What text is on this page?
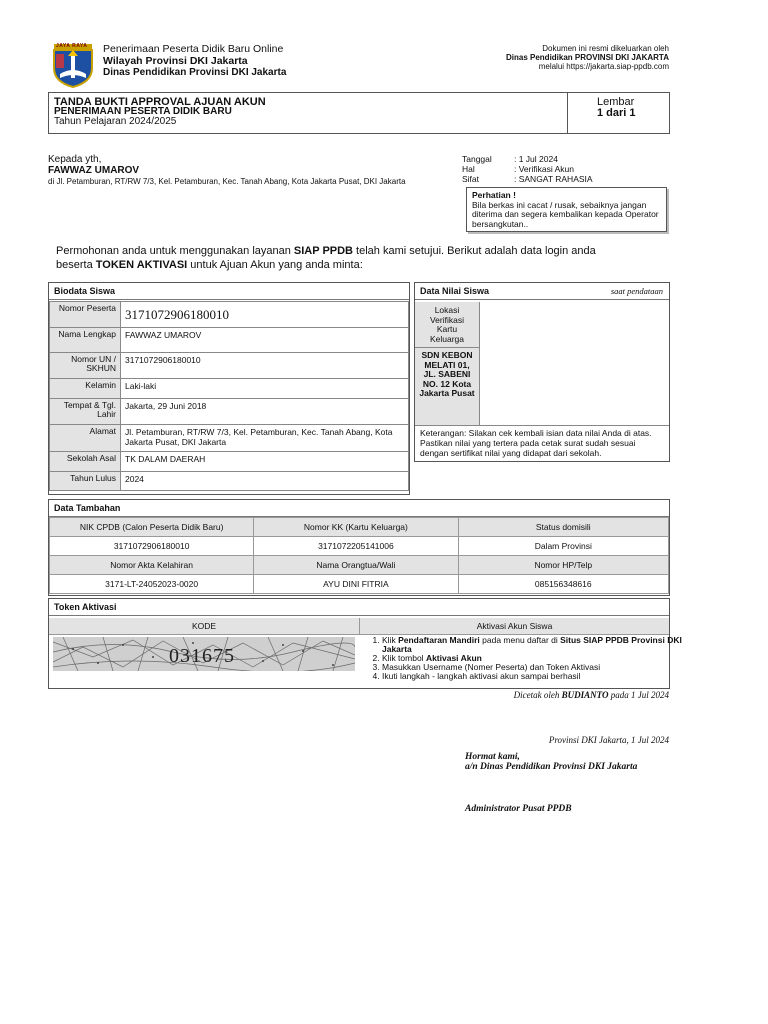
JAYA RAYA Penerimaan Peserta Didik Baru Online
Wilayah Provinsi DKI Jakarta
Dinas Pendidikan Provinsi DKI Jakarta
Dokumen ini resmi dikeluarkan oleh
Dinas Pendidikan PROVINSI DKI JAKARTA
melalui https://jakarta.siap-ppdb.com
TANDA BUKTI APPROVAL AJUAN AKUN
PENERIMAAN PESERTA DIDIK BARU
Tahun Pelajaran 2024/2025
Lembar
1 dari 1
Kepada yth,
FAWWAZ UMAROV
di Jl. Petamburan, RT/RW 7/3, Kel. Petamburan, Kec. Tanah Abang, Kota Jakarta Pusat, DKI Jakarta
Tanggal	: 1 Jul 2024
Hal	: Verifikasi Akun
Sifat	: SANGAT RAHASIA
Perhatian !
Bila berkas ini cacat / rusak, sebaiknya jangan diterima dan segera kembalikan kepada Operator bersangkutan..
Permohonan anda untuk menggunakan layanan SIAP PPDB telah kami setujui. Berikut adalah data login anda
beserta TOKEN AKTIVASI untuk Ajuan Akun yang anda minta:
Biodata Siswa
Nomor Peserta	3171072906180010
Nama Lengkap	FAWWAZ UMAROV
Nomor UN / SKHUN	3171072906180010
Kelamin	Laki-laki
Tempat & Tgl. Lahir	Jakarta, 29 Juni 2018
Alamat	Jl. Petamburan, RT/RW 7/3, Kel. Petamburan, Kec. Tanah Abang, Kota Jakarta Pusat, DKI Jakarta
Sekolah Asal	TK DALAM DAERAH
Tahun Lulus	2024
Data Nilai Siswa	saat pendataan
Lokasi Verifikasi Kartu Keluarga
SDN KEBON MELATI 01, JL. SABENI NO. 12 Kota Jakarta Pusat
Keterangan: Silakan cek kembali isian data nilai Anda di atas. Pastikan nilai yang tertera pada cetak surat sudah sesuai dengan sertifikat nilai yang didapat dari sekolah.
Data Tambahan
NIK CPDB (Calon Peserta Didik Baru)	Nomor KK (Kartu Keluarga)	Status domisili
3171072906180010	3171072205141006	Dalam Provinsi
Nomor Akta Kelahiran	Nama Orangtua/Wali	Nomor HP/Telp
3171-LT-24052023-0020	AYU DINI FITRIA	085156348616
Token Aktivasi
KODE	Aktivasi Akun Siswa
031675
1. Klik Pendaftaran Mandiri pada menu daftar di Situs SIAP PPDB Provinsi DKI Jakarta
2. Klik tombol Aktivasi Akun
3. Masukkan Username (Nomer Peserta) dan Token Aktivasi
4. Ikuti langkah - langkah aktivasi akun sampai berhasil
Dicetak oleh BUDIANTO pada 1 Jul 2024
Provinsi DKI Jakarta, 1 Jul 2024
Hormat kami,
a/n Dinas Pendidikan Provinsi DKI Jakarta
Administrator Pusat PPDB
